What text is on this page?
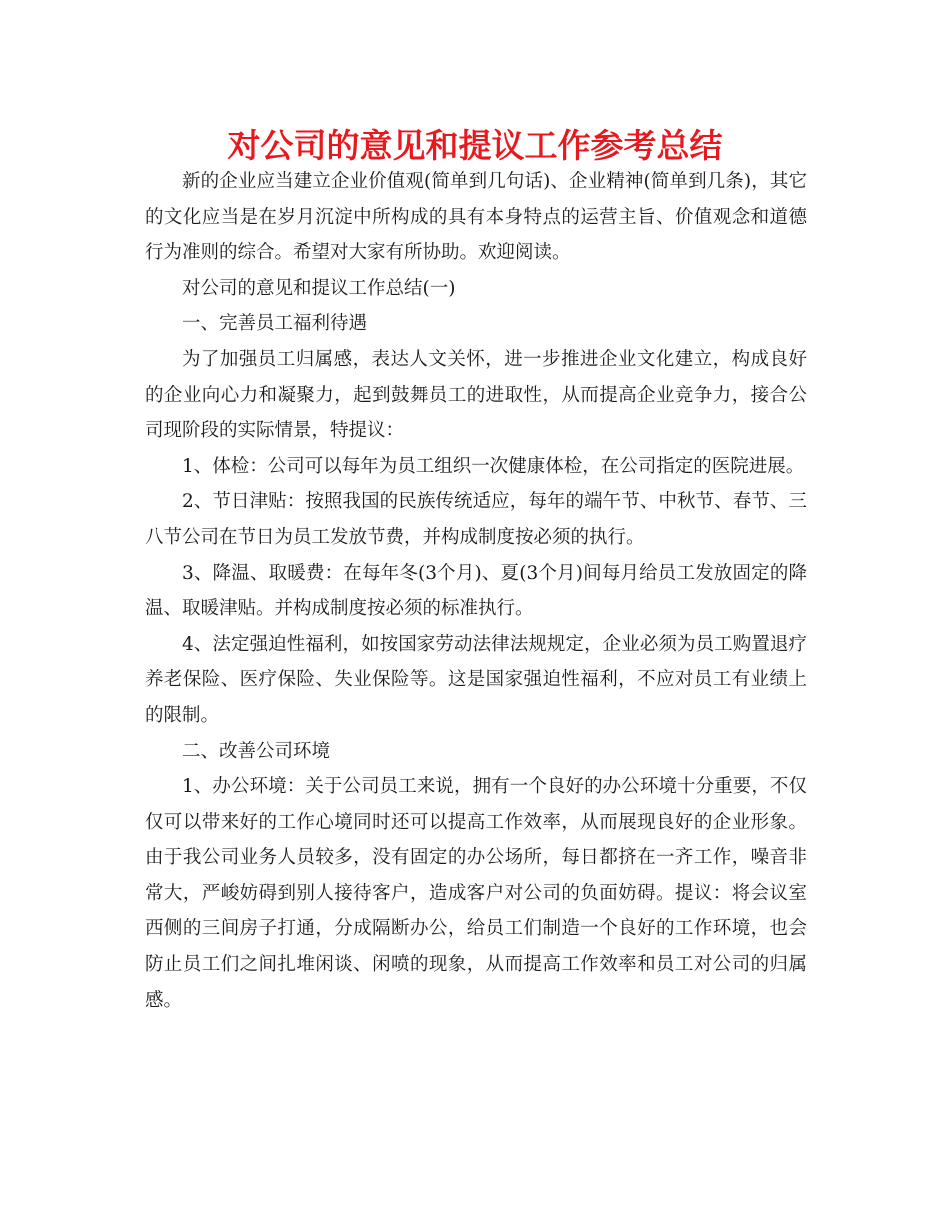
对公司的意见和提议工作参考总结

新的企业应当建立企业价值观(简单到几句话)、企业精神(简单到几条)，其它的文化应当是在岁月沉淀中所构成的具有本身特点的运营主旨、价值观念和道德行为准则的综合。希望对大家有所协助。欢迎阅读。

对公司的意见和提议工作总结(一)

一、完善员工福利待遇

为了加强员工归属感，表达人文关怀，进一步推进企业文化建立，构成良好的企业向心力和凝聚力，起到鼓舞员工的进取性，从而提高企业竞争力，接合公司现阶段的实际情景，特提议：

1、体检：公司可以每年为员工组织一次健康体检，在公司指定的医院进展。

2、节日津贴：按照我国的民族传统适应，每年的端午节、中秋节、春节、三八节公司在节日为员工发放节费，并构成制度按必须的执行。

3、降温、取暖费：在每年冬(3个月)、夏(3个月)间每月给员工发放固定的降温、取暖津贴。并构成制度按必须的标准执行。

4、法定强迫性福利，如按国家劳动法律法规规定，企业必须为员工购置退疗养老保险、医疗保险、失业保险等。这是国家强迫性福利，不应对员工有业绩上的限制。

二、改善公司环境

1、办公环境：关于公司员工来说，拥有一个良好的办公环境十分重要，不仅仅可以带来好的工作心境同时还可以提高工作效率，从而展现良好的企业形象。由于我公司业务人员较多，没有固定的办公场所，每日都挤在一齐工作，噪音非常大，严峻妨碍到别人接待客户，造成客户对公司的负面妨碍。提议：将会议室西侧的三间房子打通，分成隔断办公，给员工们制造一个良好的工作环境，也会防止员工们之间扎堆闲谈、闲喷的现象，从而提高工作效率和员工对公司的归属感。
